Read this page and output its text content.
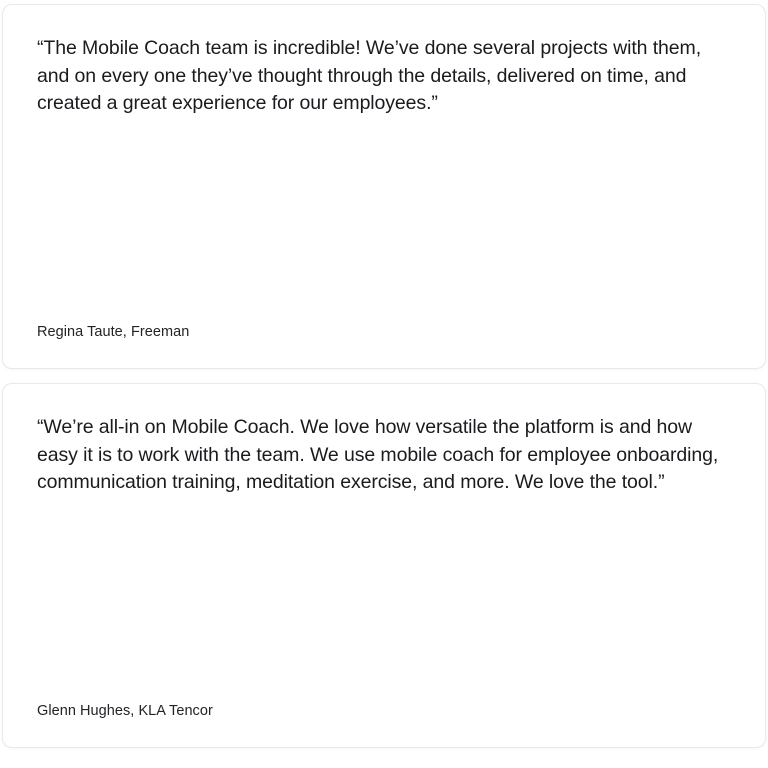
“The Mobile Coach team is incredible! We’ve done several projects with them, and on every one they’ve thought through the details, delivered on time, and created a great experience for our employees.”

Regina Taute, Freeman

“We’re all-in on Mobile Coach. We love how versatile the platform is and how easy it is to work with the team. We use mobile coach for employee onboarding, communication training, meditation exercise, and more. We love the tool.”

Glenn Hughes, KLA Tencor
